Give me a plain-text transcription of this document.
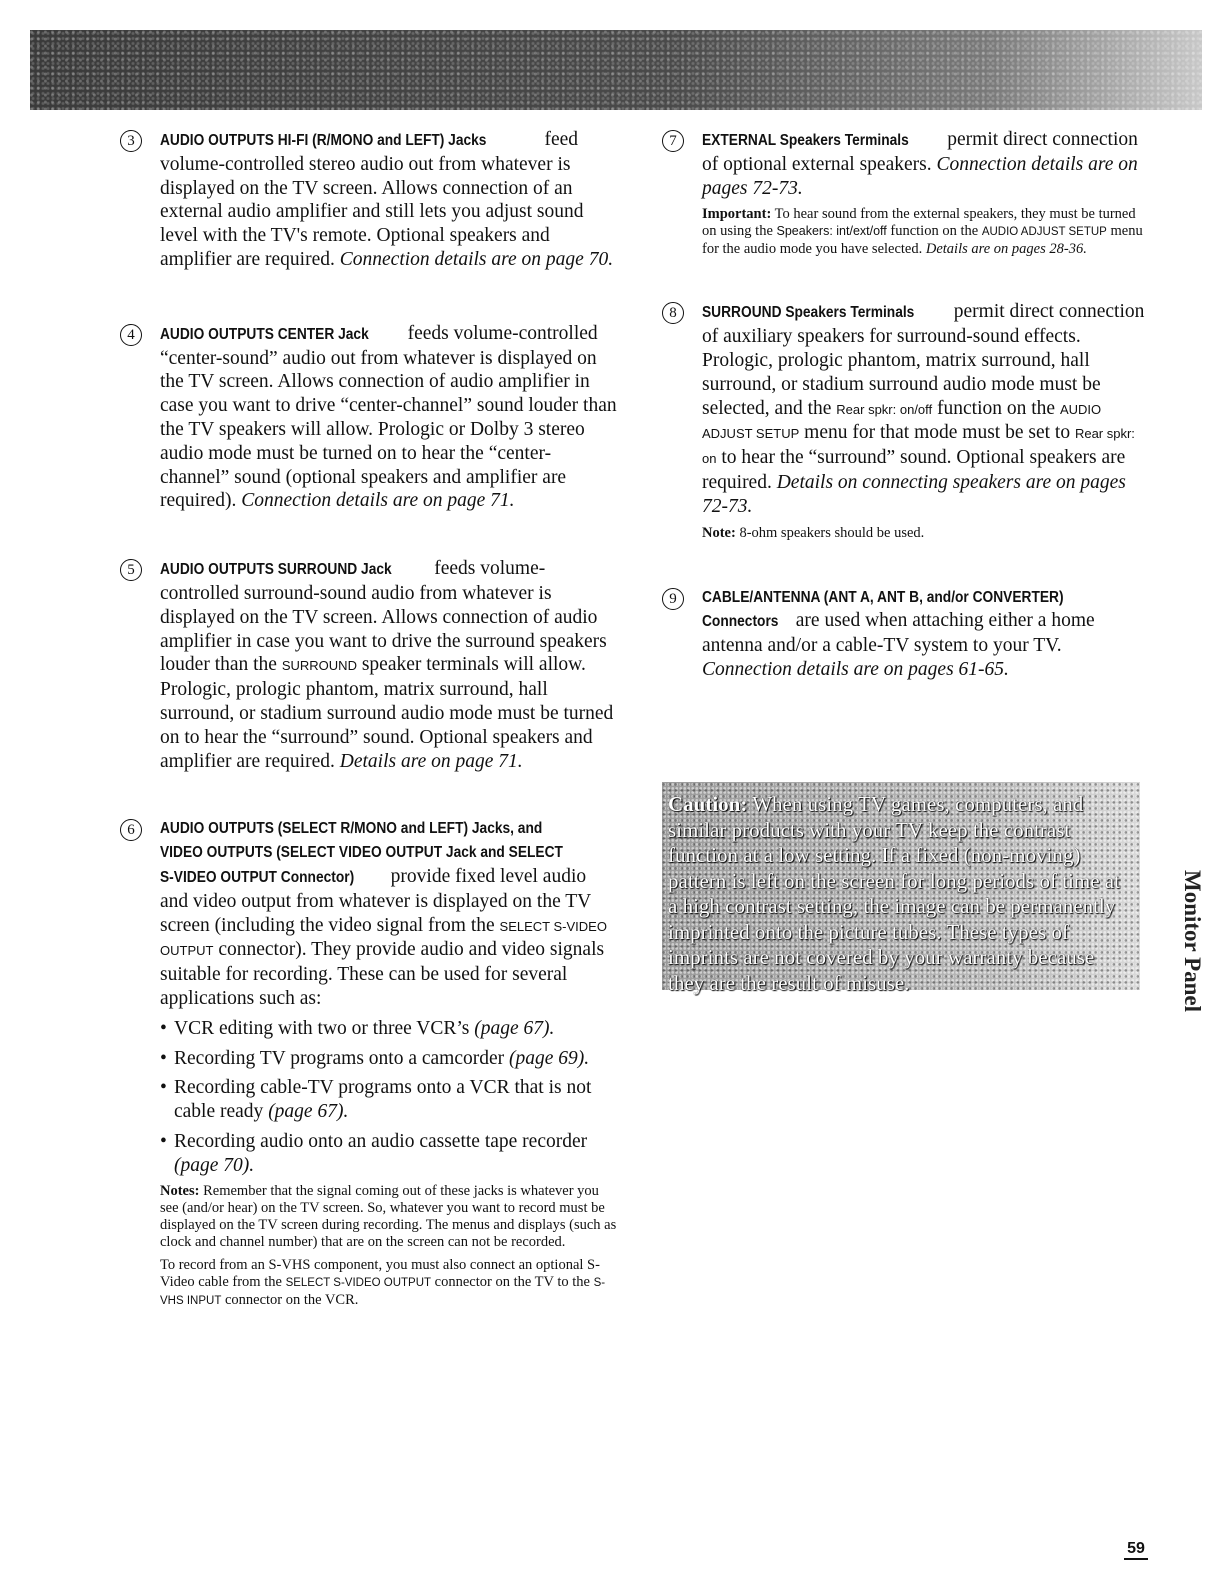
3	AUDIO OUTPUTS HI-FI (R/MONO and LEFT) Jacks	feed volume-controlled stereo audio out from whatever is displayed on the TV screen. Allows connection of an external audio amplifier and still lets you adjust sound level with the TV's remote. Optional speakers and amplifier are required. Connection details are on page 70.
4	AUDIO OUTPUTS CENTER Jack feeds volume-controlled “center-sound” audio out from whatever is displayed on the TV screen. Allows connection of audio amplifier in case you want to drive “center-channel” sound louder than the TV speakers will allow. Prologic or Dolby 3 stereo audio mode must be turned on to hear the “center-channel” sound (optional speakers and amplifier are required). Connection details are on page 71.
5	AUDIO OUTPUTS SURROUND Jack feeds volume-controlled surround-sound audio from whatever is displayed on the TV screen. Allows connection of audio amplifier in case you want to drive the surround speakers louder than the SURROUND speaker terminals will allow. Prologic, prologic phantom, matrix surround, hall surround, or stadium surround audio mode must be turned on to hear the “surround” sound. Optional speakers and amplifier are required. Details are on page 71.
6	AUDIO OUTPUTS (SELECT R/MONO and LEFT) Jacks, and
VIDEO OUTPUTS (SELECT VIDEO OUTPUT Jack and SELECT
S-VIDEO OUTPUT Connector) provide fixed level audio and video output from whatever is displayed on the TV screen (including the video signal from the SELECT S-VIDEO OUTPUT connector). They provide audio and video signals suitable for recording. These can be used for several applications such as:
• VCR editing with two or three VCR’s (page 67).
• Recording TV programs onto a camcorder (page 69).
• Recording cable-TV programs onto a VCR that is not cable ready (page 67).
• Recording audio onto an audio cassette tape recorder (page 70).
Notes: Remember that the signal coming out of these jacks is whatever you see (and/or hear) on the TV screen. So, whatever you want to record must be displayed on the TV screen during recording. The menus and displays (such as clock and channel number) that are on the screen can not be recorded.
To record from an S-VHS component, you must also connect an optional S-Video cable from the SELECT S-VIDEO OUTPUT connector on the TV to the S-VHS INPUT connector on the VCR.
7	EXTERNAL Speakers Terminals permit direct connection of optional external speakers. Connection details are on pages 72-73.
Important: To hear sound from the external speakers, they must be turned on using the Speakers: int/ext/off function on the AUDIO ADJUST SETUP menu for the audio mode you have selected. Details are on pages 28-36.
8	SURROUND Speakers Terminals permit direct connection of auxiliary speakers for surround-sound effects. Prologic, prologic phantom, matrix surround, hall surround, or stadium surround audio mode must be selected, and the Rear spkr: on/off function on the AUDIO ADJUST SETUP menu for that mode must be set to Rear spkr: on to hear the “surround” sound. Optional speakers are required. Details on connecting speakers are on pages 72-73.
Note: 8-ohm speakers should be used.
9	CABLE/ANTENNA (ANT A, ANT B, and/or CONVERTER)
Connectors are used when attaching either a home antenna and/or a cable-TV system to your TV. Connection details are on pages 61-65.
Caution: When using TV games, computers, and similar products with your TV keep the contrast function at a low setting. If a fixed (non-moving) pattern is left on the screen for long periods of time at a high contrast setting, the image can be permanently imprinted onto the picture tubes. These types of imprints are not covered by your warranty because they are the result of misuse.	Monitor Panel
59
